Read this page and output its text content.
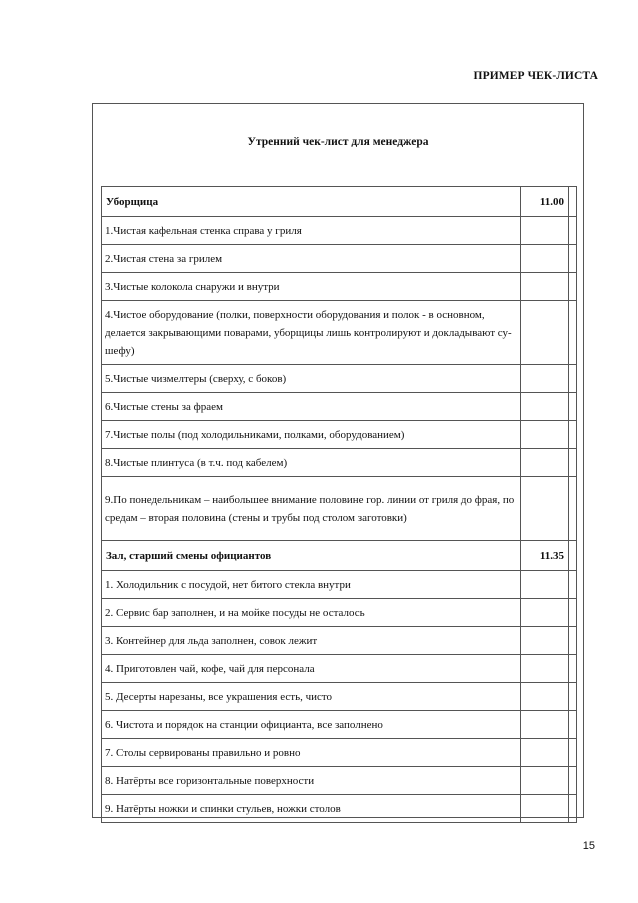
ПРИМЕР ЧЕК-ЛИСТА
Утренний чек-лист для менеджера
Уборщица	11.00	
1.Чистая кафельная стенка справа у гриля		
2.Чистая стена за грилем		
3.Чистые колокола снаружи и внутри		
4.Чистое оборудование (полки, поверхности оборудования и полок - в основном, делается закрывающими поварами, уборщицы лишь контролируют и докладывают су-шефу)		
5.Чистые чизмелтеры (сверху, с боков)		
6.Чистые стены за фраем		
7.Чистые полы (под холодильниками, полками, оборудованием)		
8.Чистые плинтуса (в т.ч. под кабелем)		
9.По понедельникам – наибольшее внимание половине гор. линии от гриля до фрая, по средам – вторая половина (стены и трубы под столом заготовки)		
Зал, старший смены официантов	11.35	
1. Холодильник с посудой, нет битого стекла внутри		
2. Сервис бар заполнен, и на мойке посуды не осталось		
3. Контейнер для льда заполнен, совок лежит		
4. Приготовлен чай, кофе, чай для персонала		
5. Десерты нарезаны, все украшения есть, чисто		
6. Чистота и порядок на станции официанта, все заполнено		
7. Столы сервированы правильно и ровно		
8. Натёрты все горизонтальные поверхности		
9. Натёрты ножки и спинки стульев, ножки столов		
15
